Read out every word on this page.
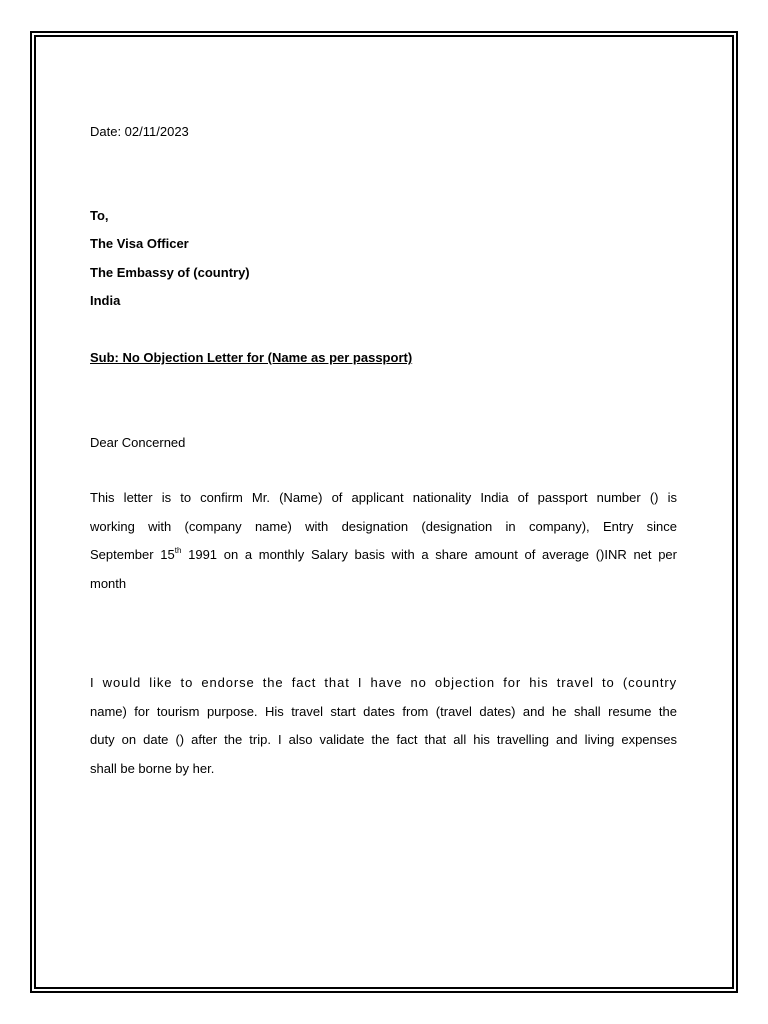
Date: 02/11/2023
To,
The Visa Officer
The Embassy of (country)
India
Sub: No Objection Letter for (Name as per passport)
Dear Concerned
This letter is to confirm Mr. (Name) of applicant nationality India of passport number () is
working with (company name) with designation (designation in company), Entry since
September 15th 1991 on a monthly Salary basis with a share amount of average ()INR net per
month
I would like to endorse the fact that I have no objection for his travel to (country
name) for tourism purpose. His travel start dates from (travel dates) and he shall resume the
duty on date () after the trip. I also validate the fact that all his travelling and living expenses
shall be borne by her.
